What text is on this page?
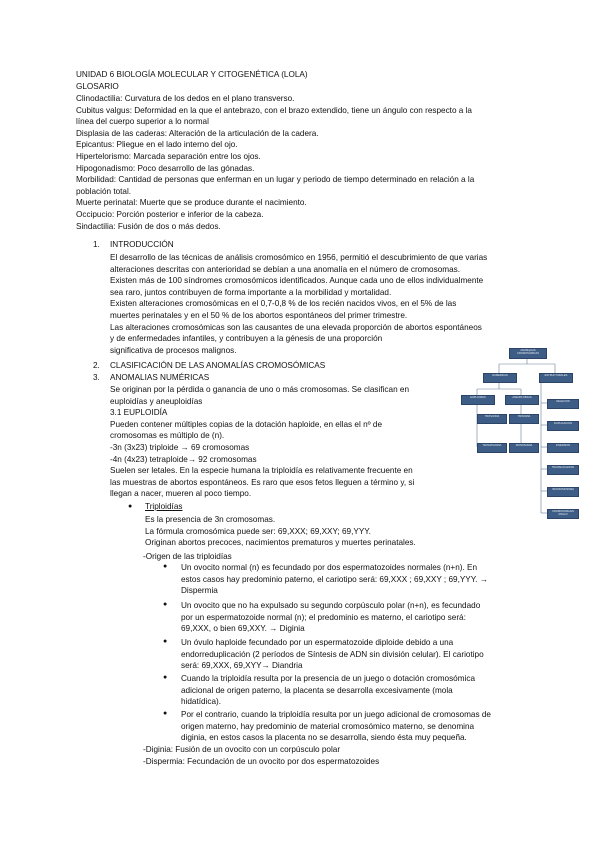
UNIDAD 6 BIOLOGÍA MOLECULAR Y CITOGENÉTICA (LOLA)
GLOSARIO

Clinodactilia: Curvatura de los dedos en el plano transverso.

Cubitus valgus: Deformidad en la que el antebrazo, con el brazo extendido, tiene un ángulo con respecto a la

línea del cuerpo superior a lo normal

Displasia de las caderas: Alteración de la articulación de la cadera.

Epicantus: Pliegue en el lado interno del ojo.

Hipertelorismo: Marcada separación entre los ojos.

Hipogonadismo: Poco desarrollo de las gónadas.

Morbilidad: Cantidad de personas que enferman en un lugar y periodo de tiempo determinado en relación a la

población total.

Muerte perinatal: Muerte que se produce durante el nacimiento.

Occipucio: Porción posterior e inferior de la cabeza.

Sindactilia: Fusión de dos o más dedos.

1. INTRODUCCIÓN

El desarrollo de las técnicas de análisis cromosómico en 1956, permitió el descubrimiento de que varias

alteraciones descritas con anterioridad se debían a una anomalía en el número de cromosomas.

Existen más de 100 síndromes cromosómicos identificados. Aunque cada uno de ellos individualmente

sea raro, juntos contribuyen de forma importante a la morbilidad y mortalidad.

Existen alteraciones cromosómicas en el 0,7-0,8 % de los recién nacidos vivos, en el 5% de las

muertes perinatales y en el 50 % de los abortos espontáneos del primer trimestre.

Las alteraciones cromosómicas son las causantes de una elevada proporción de abortos espontáneos

y de enfermedades infantiles, y contribuyen a la génesis de una proporción

significativa de procesos malignos.

2. CLASIFICACIÓN DE LAS ANOMALÍAS CROMOSÓMICAS
3. ANOMALIAS NUMÉRICAS

Se originan por la pérdida o ganancia de uno o más cromosomas. Se clasifican en

euploidías y aneuploidías

3.1 EUPLOIDÍA

Pueden contener múltiples copias de la dotación haploide, en ellas el nº de

cromosomas es múltiplo de (n).

-3n (3x23) triploide → 69 cromosomas

-4n (4x23) tetraploide→ 92 cromosomas

Suelen ser letales. En la especie humana la triploidía es relativamente frecuente en

las muestras de abortos espontáneos. Es raro que esos fetos lleguen a término y, si

llegan a nacer, mueren al poco tiempo.

● Triploidías

Es la presencia de 3n cromosomas.

La fórmula cromosómica puede ser: 69,XXX; 69,XXY; 69,YYY.

Originan abortos precoces, nacimientos prematuros y muertes perinatales.

-Origen de las triploidías
● Un ovocito normal (n) es fecundado por dos espermatozoides normales (n+n). En

estos casos hay predominio paterno, el cariotipo será: 69,XXX ; 69,XXY ; 69,YYY. →

Dispermia

● Un ovocito que no ha expulsado su segundo corpúsculo polar (n+n), es fecundado

por un espermatozoide normal (n); el predominio es materno, el cariotipo será:

69,XXX, o bien 69,XXY. → Diginia

● Un óvulo haploide fecundado por un espermatozoide diploide debido a una

endorreduplicación (2 períodos de Síntesis de ADN sin división celular). El cariotipo

será: 69,XXX, 69,XYY→ Diandria

● Cuando la triploidía resulta por la presencia de un juego o dotación cromosómica

adicional de origen paterno, la placenta se desarrolla excesivamente (mola

hidatídica).

● Por el contrario, cuando la triploidía resulta por un juego adicional de cromosomas de

origen materno, hay predominio de material cromosómico materno, se denomina

diginia, en estos casos la placenta no se desarrolla, siendo ésta muy pequeña.

-Diginia: Fusión de un ovocito con un corpúsculo polar
-Dispermia: Fecundación de un ovocito por dos espermatozoides
ANOMALÍAS CROMOSÓMICAS
NUMÉRICAS	ESTRUCTURALES
EUPLOIDÍAS	ANEUPLOIDÍAS
DELECIÓN
TRIPLOIDÍA	TRISOMÍA
DUPLICACIÓN
TETRAPLOIDÍA	MONOSOMÍA	INVERSIÓN
TRANSLOCACIÓN
ISOCROMOSOMA
CROMOSOMA EN ANILLO
